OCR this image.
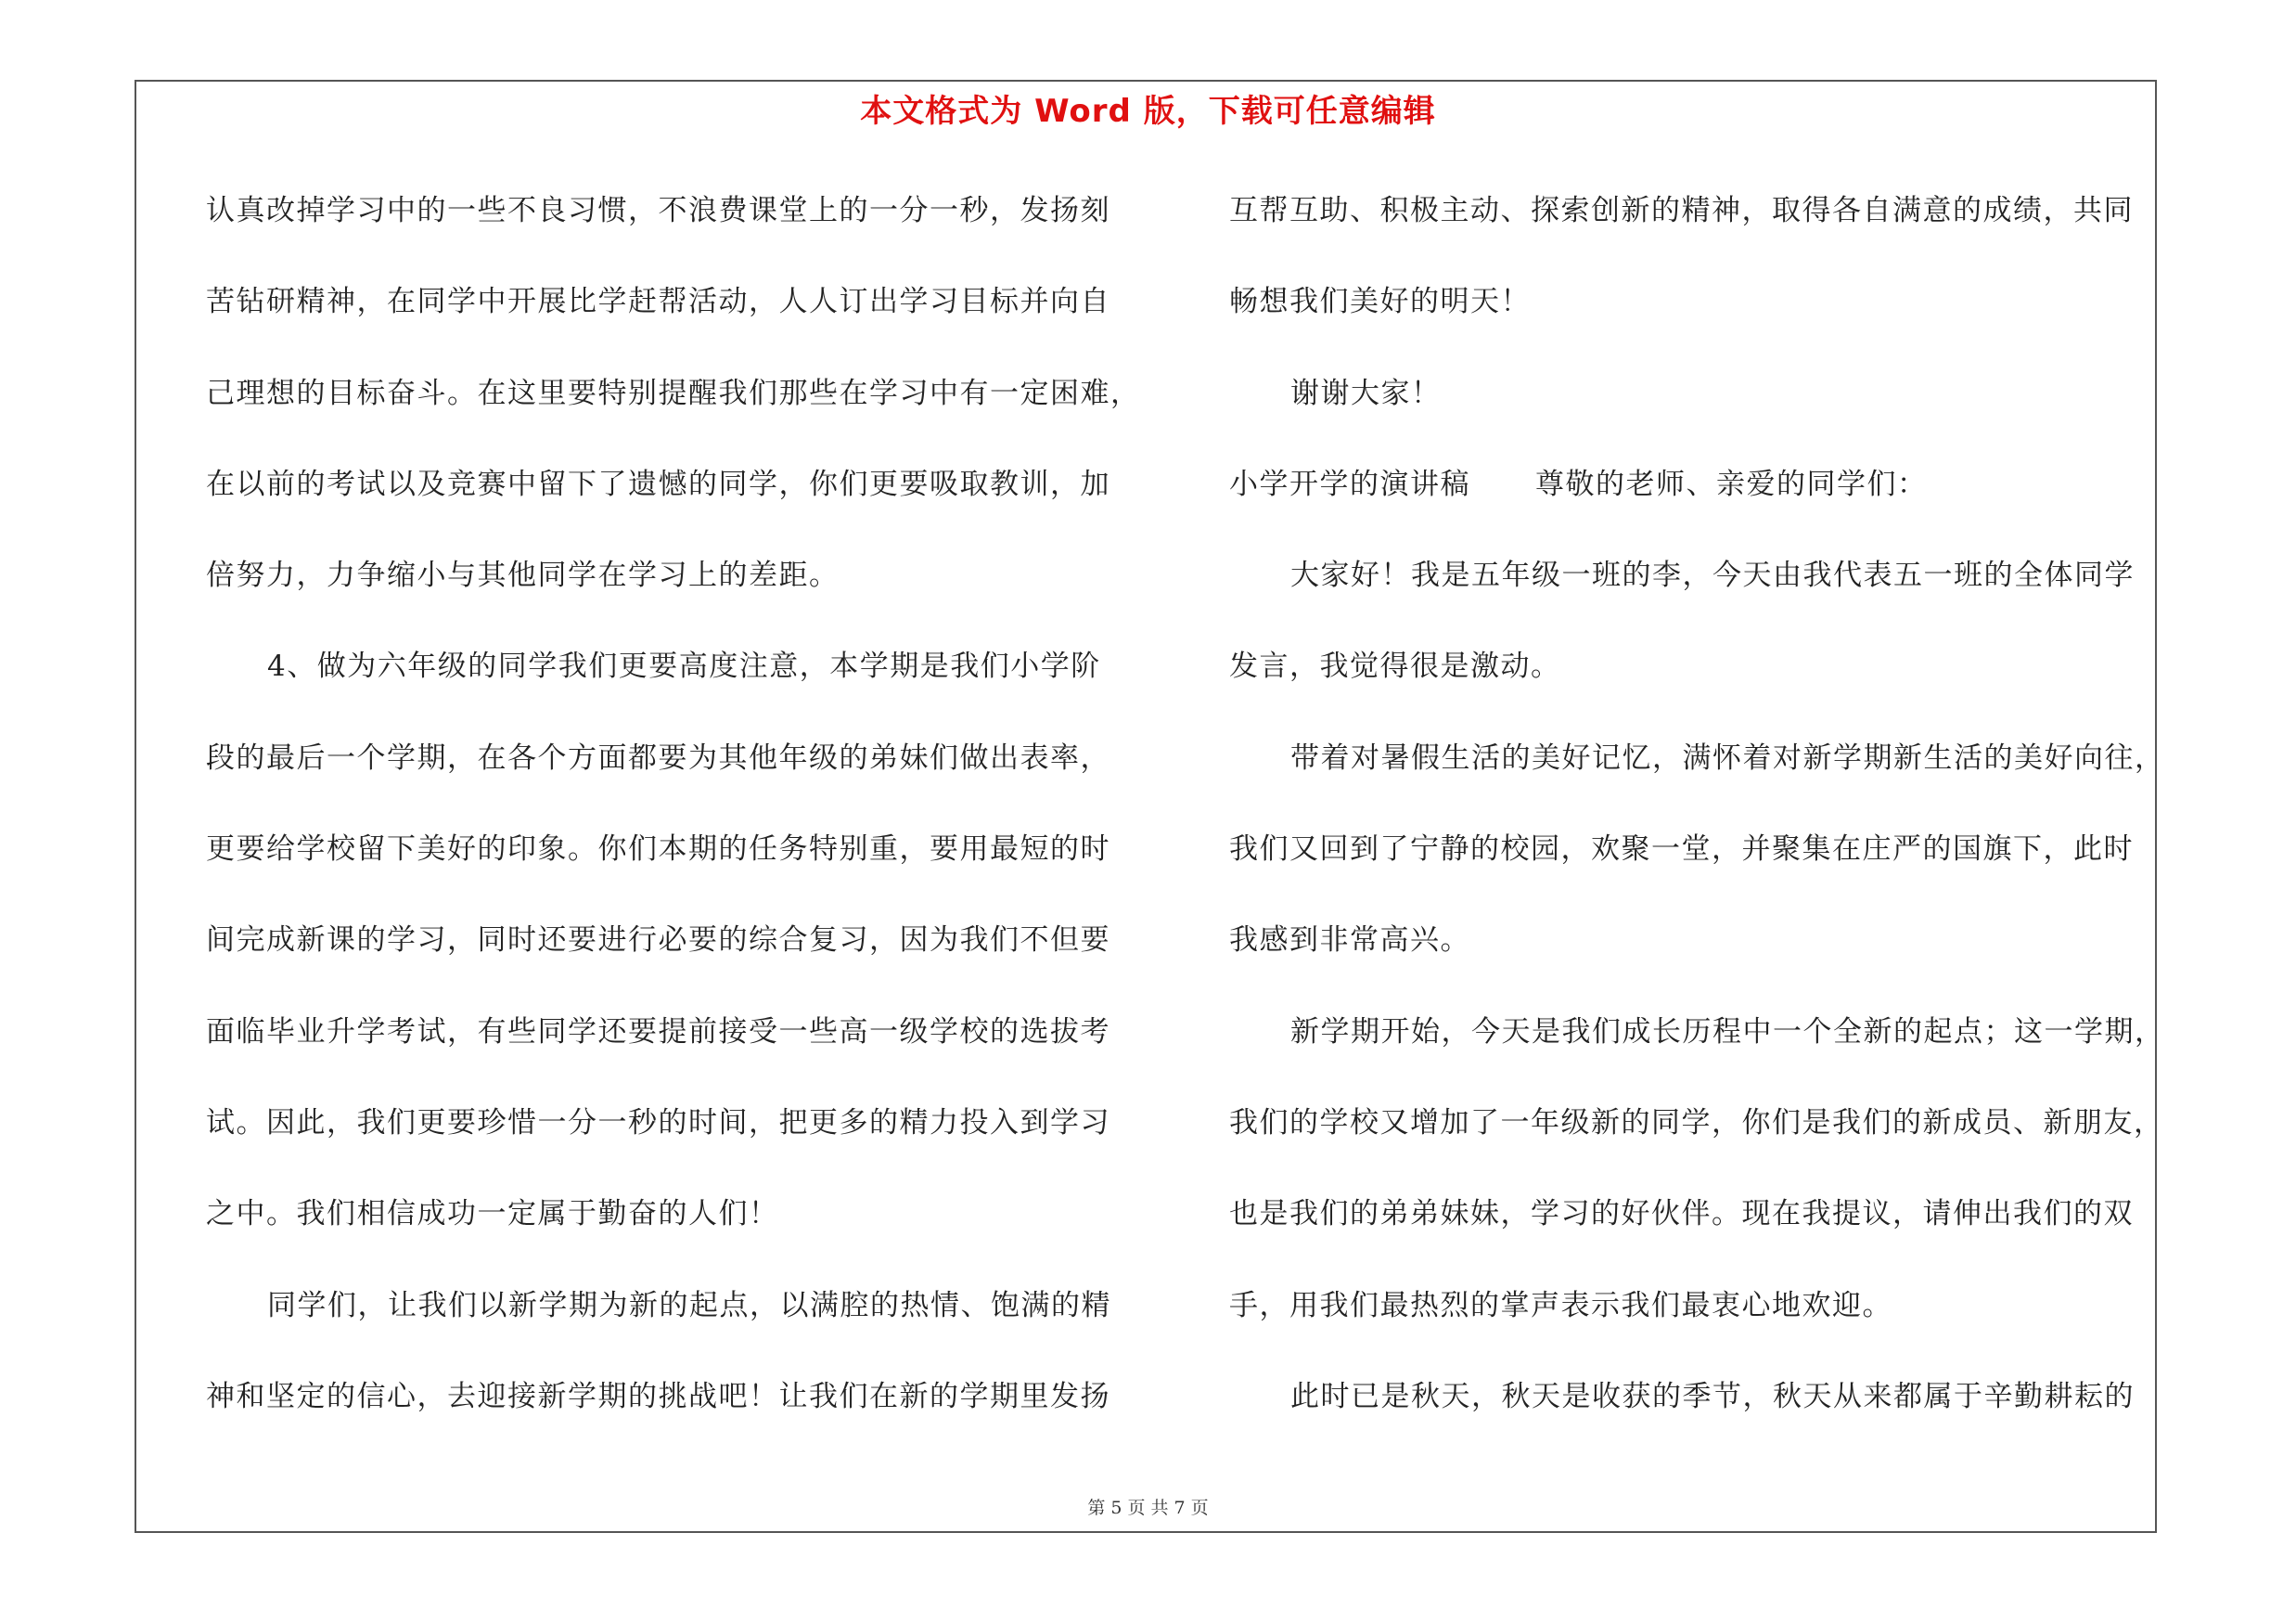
本文格式为 Word 版，下载可任意编辑
认真改掉学习中的一些不良习惯，不浪费课堂上的一分一秒，发扬刻
苦钻研精神，在同学中开展比学赶帮活动，人人订出学习目标并向自
己理想的目标奋斗。在这里要特别提醒我们那些在学习中有一定困难，
在以前的考试以及竞赛中留下了遗憾的同学，你们更要吸取教训，加
倍努力，力争缩小与其他同学在学习上的差距。
4、做为六年级的同学我们更要高度注意，本学期是我们小学阶
段的最后一个学期，在各个方面都要为其他年级的弟妹们做出表率，
更要给学校留下美好的印象。你们本期的任务特别重，要用最短的时
间完成新课的学习，同时还要进行必要的综合复习，因为我们不但要
面临毕业升学考试，有些同学还要提前接受一些高一级学校的选拔考
试。因此，我们更要珍惜一分一秒的时间，把更多的精力投入到学习
之中。我们相信成功一定属于勤奋的人们！
同学们，让我们以新学期为新的起点，以满腔的热情、饱满的精
神和坚定的信心，去迎接新学期的挑战吧！让我们在新的学期里发扬
互帮互助、积极主动、探索创新的精神，取得各自满意的成绩，共同
畅想我们美好的明天！
谢谢大家！
小学开学的演讲稿 尊敬的老师、亲爱的同学们：
大家好！我是五年级一班的李，今天由我代表五一班的全体同学
发言，我觉得很是激动。
带着对暑假生活的美好记忆，满怀着对新学期新生活的美好向往，
我们又回到了宁静的校园，欢聚一堂，并聚集在庄严的国旗下，此时
我感到非常高兴。
新学期开始，今天是我们成长历程中一个全新的起点；这一学期，
我们的学校又增加了一年级新的同学，你们是我们的新成员、新朋友，
也是我们的弟弟妹妹，学习的好伙伴。现在我提议，请伸出我们的双
手，用我们最热烈的掌声表示我们最衷心地欢迎。
此时已是秋天，秋天是收获的季节，秋天从来都属于辛勤耕耘的
第 5 页 共 7 页
